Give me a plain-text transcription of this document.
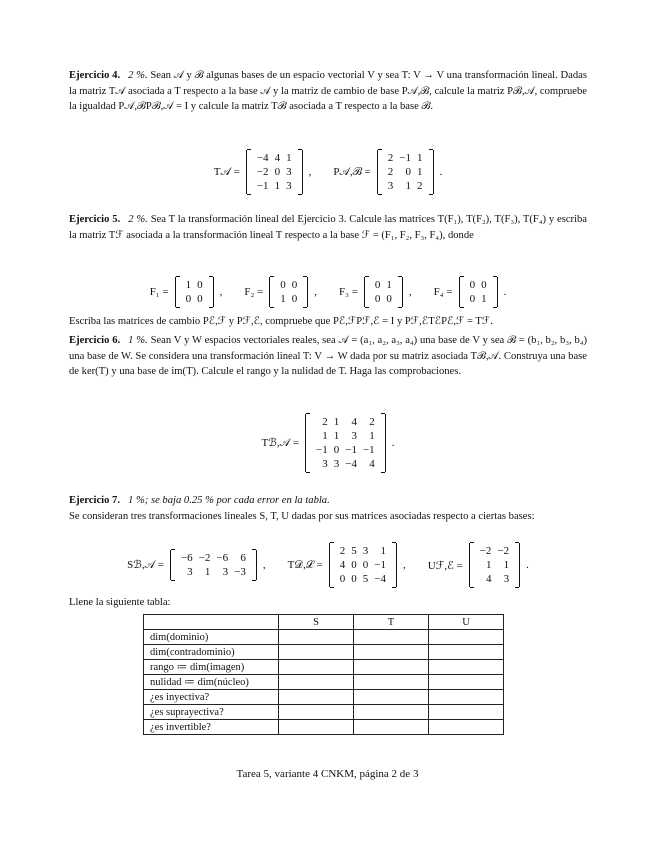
Ejercicio 4. 2 %. Sean 𝒜 y ℬ algunas bases de un espacio vectorial V y sea T: V → V una transformación lineal. Dadas la matriz T𝒜 asociada a T respecto a la base 𝒜 y la matriz de cambio de base P𝒜,ℬ, calcule la matriz Pℬ,𝒜, compruebe la igualdad P𝒜,ℬPℬ,𝒜 = I y calcule la matriz Tℬ asociada a T respecto a la base ℬ.
T𝒜 =
−4	4	1
−2	0	3
−1	1	3
, P𝒜,ℬ =
2	−1	1
2	0	1
3	1	2
.
Ejercicio 5. 2 %. Sea T la transformación lineal del Ejercicio 3. Calcule las matrices T(F₁), T(F₂), T(F₃), T(F₄) y escriba la matriz Tℱ asociada a la transformación lineal T respecto a la base ℱ = (F₁, F₂, F₃, F₄), donde
F₁ =
1	0
0	0
, F₂ =
0	0
1	0
, F₃ =
0	1
0	0
, F₄ =
0	0
0	1
.
Escriba las matrices de cambio Pℰ,ℱ y Pℱ,ℰ, compruebe que Pℰ,ℱPℱ,ℰ = I y Pℱ,ℰTℰPℰ,ℱ = Tℱ.
Ejercicio 6. 1 %. Sean V y W espacios vectoriales reales, sea 𝒜 = (a₁, a₂, a₃, a₄) una base de V y sea ℬ = (b₁, b₂, b₃, b₄) una base de W. Se considera una transformación lineal T: V → W dada por su matriz asociada Tℬ,𝒜. Construya una base de ker(T) y una base de im(T). Calcule el rango y la nulidad de T. Haga las comprobaciones.
Tℬ,𝒜 =
2	1	4	2
1	1	3	1
−1	0	−1	−1
3	3	−4	4
.
Ejercicio 7. 1 %; se baja 0.25 % por cada error en la tabla.
Se consideran tres transformaciones lineales S, T, U dadas por sus matrices asociadas respecto a ciertas bases:
Sℬ,𝒜 =
−6	−2	−6	6
3	1	3	−3
, T𝒟,ℒ =
2	5	3	1
4	0	0	−1
0	0	5	−4
, Uℱ,ℰ =
−2	−2
1	1
4	3
.
Llene la siguiente tabla:
	S	T	U
dim(dominio)			
dim(contradominio)			
rango ≔ dim(imagen)			
nulidad ≔ dim(núcleo)			
¿es inyectiva?			
¿es suprayectiva?			
¿es invertible?			
Tarea 5, variante 4 CNKM, página 2 de 3
